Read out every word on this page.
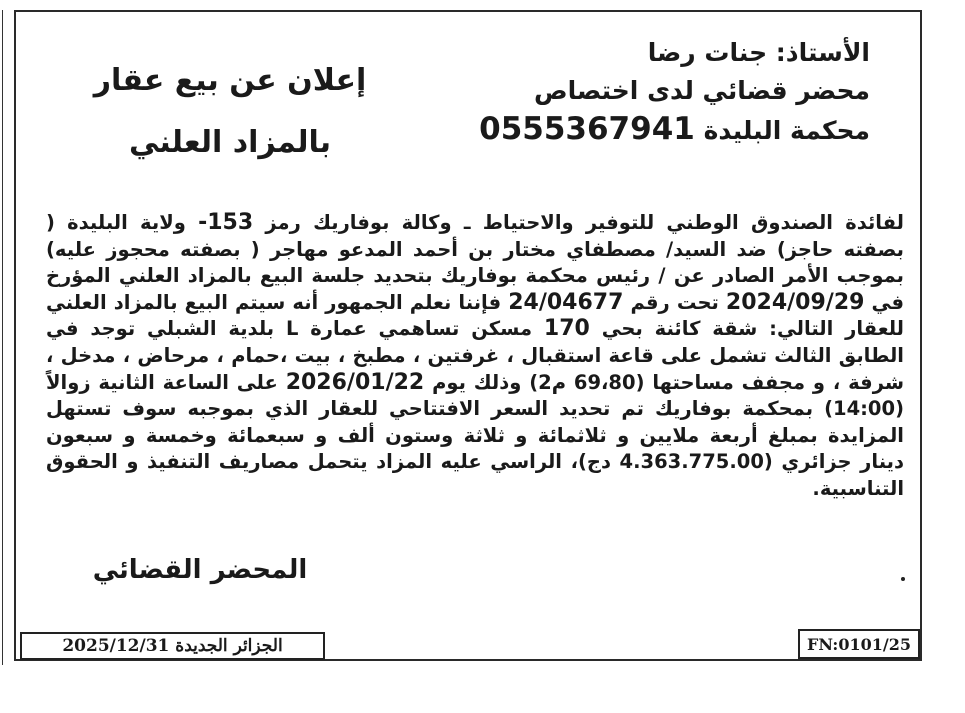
الأستاذ: جنات رضا
محضر قضائي لدى اختصاص
محكمة البليدة 0555367941
إعلان عن بيع عقار
بالمزاد العلني
لفائدة الصندوق الوطني للتوفير والاحتياط ـ وكالة بوفاريك رمز 153- ولاية البليدة ( بصفته حاجز) ضد السيد/ مصطفاي مختار بن أحمد المدعو مهاجر ( بصفته محجوز عليه) بموجب الأمر الصادر عن / رئيس محكمة بوفاريك بتحديد جلسة البيع بالمزاد العلني المؤرخ في 2024/09/29 تحت رقم 24/04677 فإننا نعلم الجمهور أنه سيتم البيع بالمزاد العلني للعقار التالي: شقة كائنة بحي 170 مسكن تساهمي عمارة L بلدية الشبلي توجد في الطابق الثالث تشمل على قاعة استقبال ، غرفتين ، مطبخ ، بيت ،حمام ، مرحاض ، مدخل ، شرفة ، و مجفف مساحتها (69،80 م2) وذلك يوم 2026/01/22 على الساعة الثانية زوالاً (14:00) بمحكمة بوفاريك تم تحديد السعر الافتتاحي للعقار الذي بموجبه سوف تستهل المزايدة بمبلغ أربعة ملايين و ثلاثمائة و ثلاثة وستون ألف و سبعمائة وخمسة و سبعون دينار جزائري (4.363.775.00 دج)، الراسي عليه المزاد يتحمل مصاريف التنفيذ و الحقوق التناسبية.
المحضر القضائي
الجزائر الجديدة 2025/12/31	FN:0101/25
